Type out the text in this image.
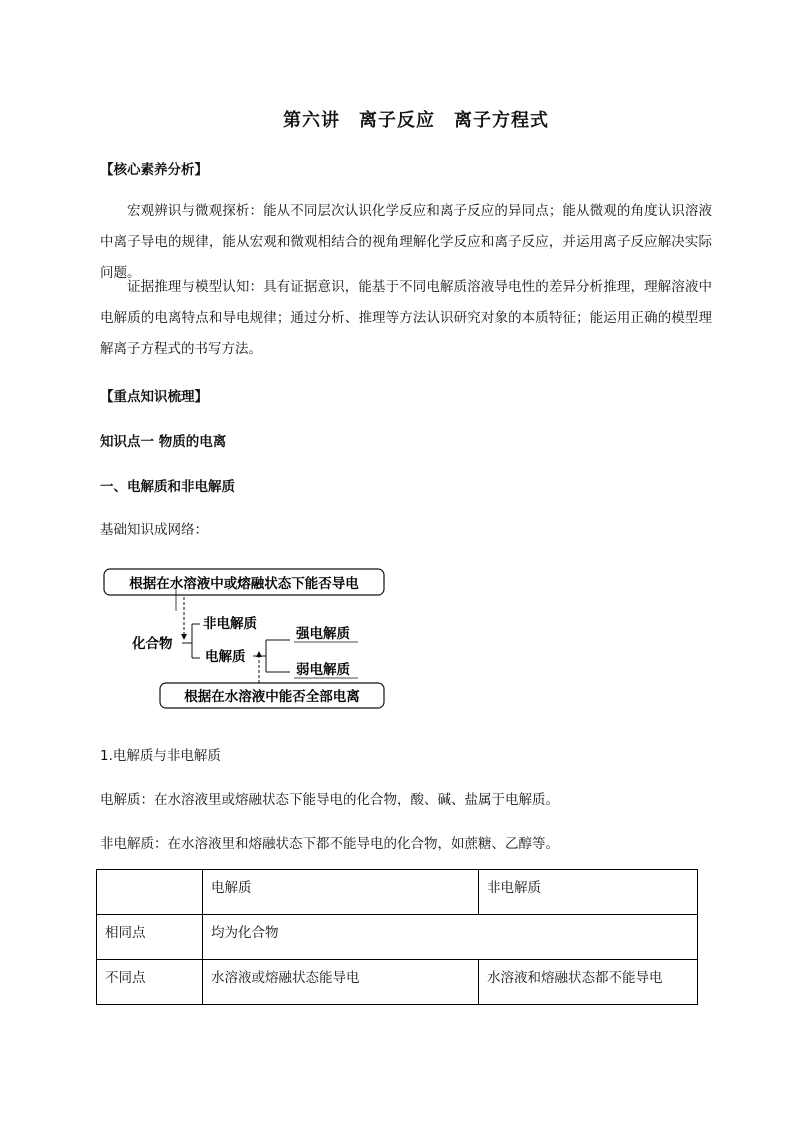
第六讲　离子反应　离子方程式
【核心素养分析】
宏观辨识与微观探析：能从不同层次认识化学反应和离子反应的异同点；能从微观的角度认识溶液中离子导电的规律，能从宏观和微观相结合的视角理解化学反应和离子反应，并运用离子反应解决实际问题。
证据推理与模型认知：具有证据意识，能基于不同电解质溶液导电性的差异分析推理，理解溶液中电解质的电离特点和导电规律；通过分析、推理等方法认识研究对象的本质特征；能运用正确的模型理解离子方程式的书写方法。
【重点知识梳理】
知识点一 物质的电离
一、电解质和非电解质
基础知识成网络：
根据在水溶液中或熔融状态下能否导电
化合物
非电解质
电解质
强电解质
弱电解质
根据在水溶液中能否全部电离
1.电解质与非电解质
电解质：在水溶液里或熔融状态下能导电的化合物，酸、碱、盐属于电解质。
非电解质：在水溶液里和熔融状态下都不能导电的化合物，如蔗糖、乙醇等。
	电解质	非电解质
相同点	均为化合物	
不同点	水溶液或熔融状态能导电	水溶液和熔融状态都不能导电
